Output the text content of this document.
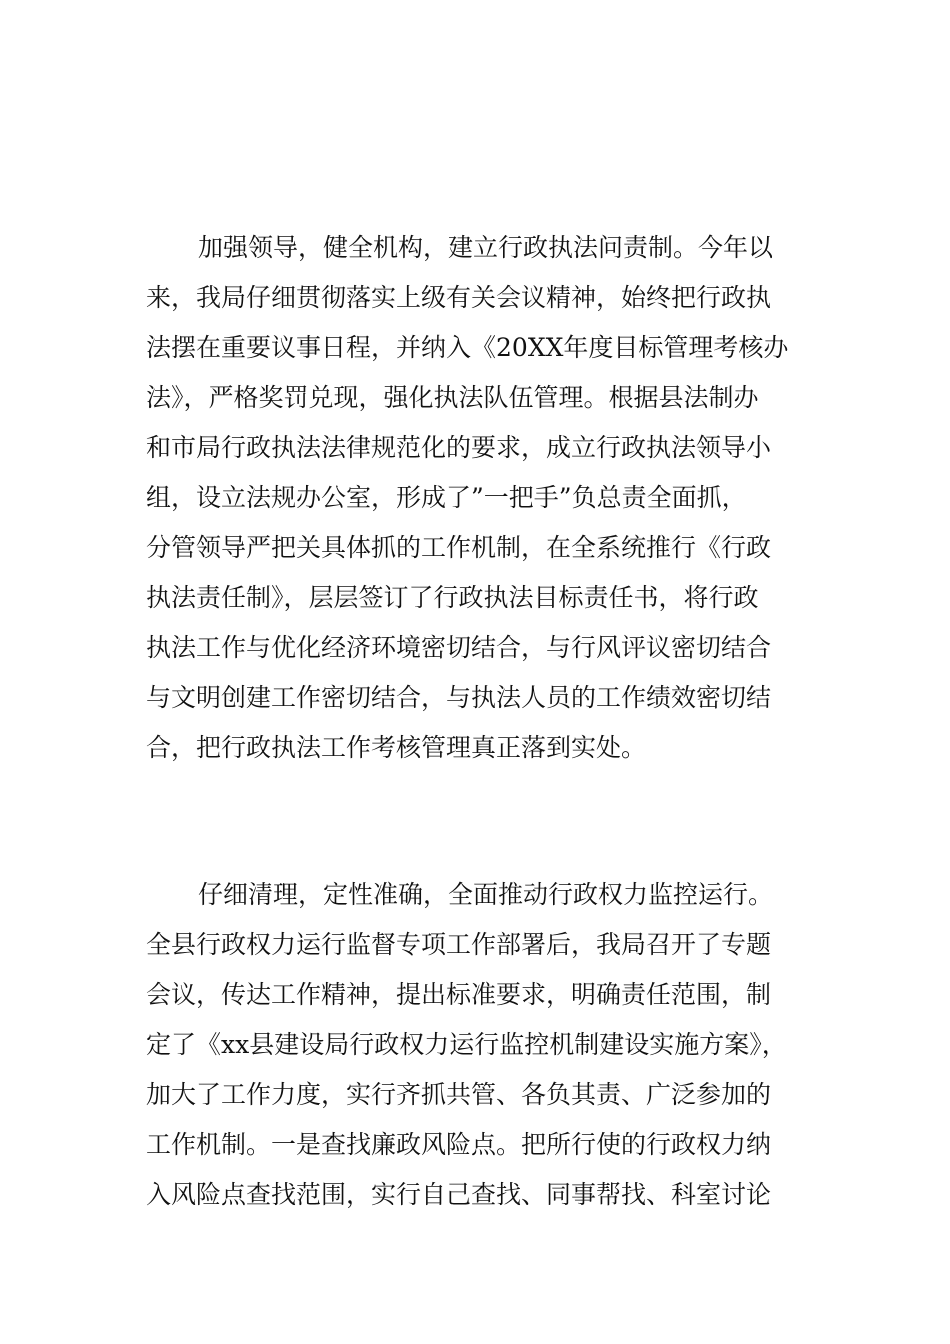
加强领导，健全机构，建立行政执法问责制。今年以
来，我局仔细贯彻落实上级有关会议精神，始终把行政执
法摆在重要议事日程，并纳入《20XX年度目标管理考核办
法》，严格奖罚兑现，强化执法队伍管理。根据县法制办
和市局行政执法法律规范化的要求，成立行政执法领导小
组，设立法规办公室，形成了”一把手”负总责全面抓，
分管领导严把关具体抓的工作机制，在全系统推行《行政
执法责任制》，层层签订了行政执法目标责任书，将行政
执法工作与优化经济环境密切结合，与行风评议密切结合
与文明创建工作密切结合，与执法人员的工作绩效密切结
合，把行政执法工作考核管理真正落到实处。
仔细清理，定性准确，全面推动行政权力监控运行。
全县行政权力运行监督专项工作部署后，我局召开了专题
会议，传达工作精神，提出标准要求，明确责任范围，制
定了《xx县建设局行政权力运行监控机制建设实施方案》，
加大了工作力度，实行齐抓共管、各负其责、广泛参加的
工作机制。一是查找廉政风险点。把所行使的行政权力纳
入风险点查找范围，实行自己查找、同事帮找、科室讨论
